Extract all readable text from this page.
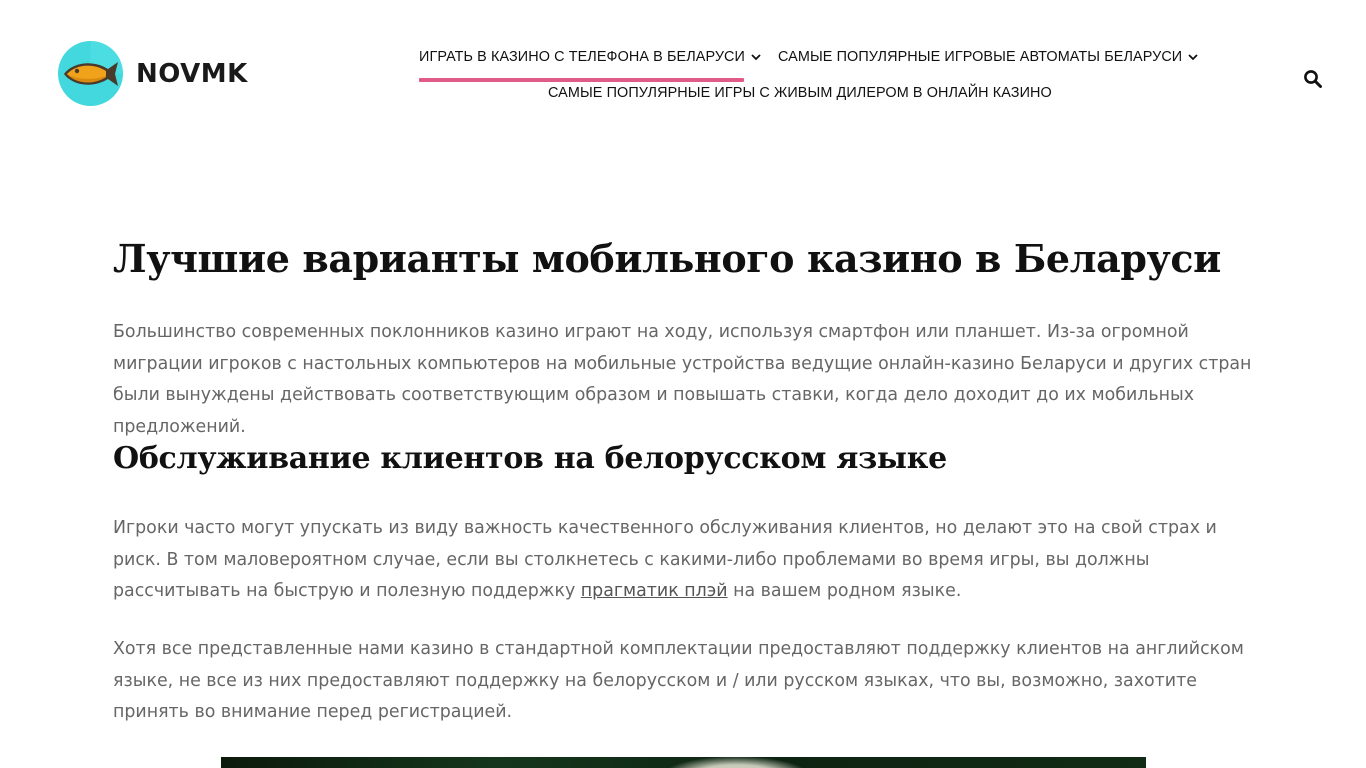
NOVMK
ИГРАТЬ В КАЗИНО С ТЕЛЕФОНА В БЕЛАРУСИ САМЫЕ ПОПУЛЯРНЫЕ ИГРОВЫЕ АВТОМАТЫ БЕЛАРУСИ
САМЫЕ ПОПУЛЯРНЫЕ ИГРЫ С ЖИВЫМ ДИЛЕРОМ В ОНЛАЙН КАЗИНО
Лучшие варианты мобильного казино в Беларуси

Большинство современных поклонников казино играют на ходу, используя смартфон или планшет. Из-за огромной миграции игроков с настольных компьютеров на мобильные устройства ведущие онлайн-казино Беларуси и других стран были вынуждены действовать соответствующим образом и повышать ставки, когда дело доходит до их мобильных предложений.

Обслуживание клиентов на белорусском языке

Игроки часто могут упускать из виду важность качественного обслуживания клиентов, но делают это на свой страх и риск. В том маловероятном случае, если вы столкнетесь с какими-либо проблемами во время игры, вы должны рассчитывать на быструю и полезную поддержку прагматик плэй на вашем родном языке.

Хотя все представленные нами казино в стандартной комплектации предоставляют поддержку клиентов на английском языке, не все из них предоставляют поддержку на белорусском и / или русском языках, что вы, возможно, захотите принять во внимание перед регистрацией.
